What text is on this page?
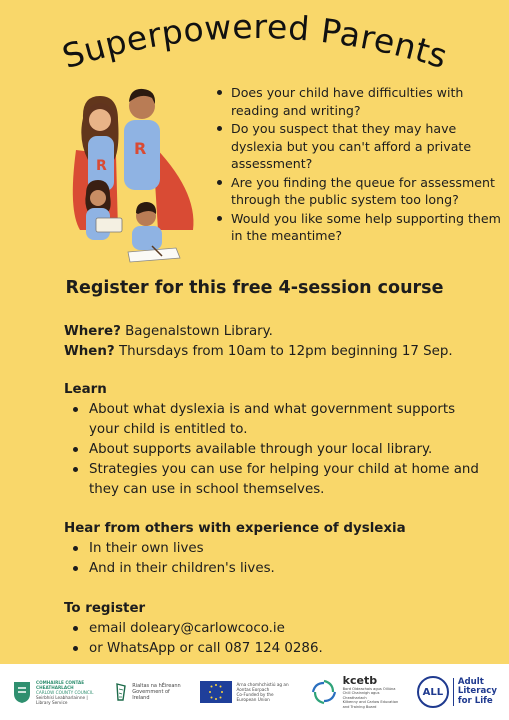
Superpowered Parents
R
R
Does your child have difficulties with reading and writing?
Do you suspect that they may have dyslexia but you can't afford a private assessment?
Are you finding the queue for assessment through the public system too long?
Would you like some help supporting them in the meantime?
Register for this free 4-session course
Where? Bagenalstown Library.
When? Thursdays from 10am to 12pm beginning 17 Sep.
Learn
About what dyslexia is and what government supports your child is entitled to.
About supports available through your local library.
Strategies you can use for helping your child at home and they can use in school themselves.
Hear from others with experience of dyslexia
In their own lives
And in their children's lives.
To register
email doleary@carlowcoco.ie
or WhatsApp or call 087 124 0286.
COMHAIRLE CONTAE
CHEATHARLACH
CARLOW COUNTY COUNCIL
Seirbhísí Leabharlainne | Library Service
Rialtas na hÉireann
Government of Ireland
Arna chomhchistiú ag an Aontas Eorpach
Co-Funded by the European Union
kcetb
Bord Oideachais agus Oiliúna Chill Chainnigh agus Cheatharlach
Kilkenny and Carlow Education and Training Board
ALL
Adult
Literacy
for Life
